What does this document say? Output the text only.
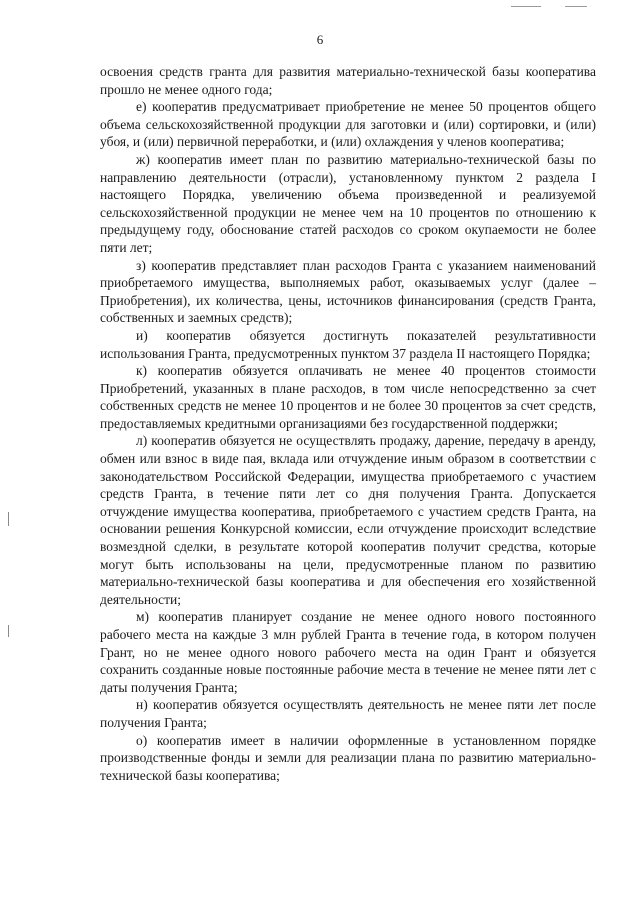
6

освоения средств гранта для развития материально-технической базы кооператива прошло не менее одного года;

е) кооператив предусматривает приобретение не менее 50 процентов общего объема сельскохозяйственной продукции для заготовки и (или) сортировки, и (или) убоя, и (или) первичной переработки, и (или) охлаждения у членов кооператива;

ж) кооператив имеет план по развитию материально-технической базы по направлению деятельности (отрасли), установленному пунктом 2 раздела I настоящего Порядка, увеличению объема произведенной и реализуемой сельскохозяйственной продукции не менее чем на 10 процентов по отношению к предыдущему году, обоснование статей расходов со сроком окупаемости не более пяти лет;

з) кооператив представляет план расходов Гранта с указанием наименований приобретаемого имущества, выполняемых работ, оказываемых услуг (далее – Приобретения), их количества, цены, источников финансирования (средств Гранта, собственных и заемных средств);

и) кооператив обязуется достигнуть показателей результативности использования Гранта, предусмотренных пунктом 37 раздела II настоящего Порядка;

к) кооператив обязуется оплачивать не менее 40 процентов стоимости Приобретений, указанных в плане расходов, в том числе непосредственно за счет собственных средств не менее 10 процентов и не более 30 процентов за счет средств, предоставляемых кредитными организациями без государственной поддержки;

л) кооператив обязуется не осуществлять продажу, дарение, передачу в аренду, обмен или взнос в виде пая, вклада или отчуждение иным образом в соответствии с законодательством Российской Федерации, имущества приобретаемого с участием средств Гранта, в течение пяти лет со дня получения Гранта. Допускается отчуждение имущества кооператива, приобретаемого с участием средств Гранта, на основании решения Конкурсной комиссии, если отчуждение происходит вследствие возмездной сделки, в результате которой кооператив получит средства, которые могут быть использованы на цели, предусмотренные планом по развитию материально-технической базы кооператива и для обеспечения его хозяйственной деятельности;

м) кооператив планирует создание не менее одного нового постоянного рабочего места на каждые 3 млн рублей Гранта в течение года, в котором получен Грант, но не менее одного нового рабочего места на один Грант и обязуется сохранить созданные новые постоянные рабочие места в течение не менее пяти лет с даты получения Гранта;

н) кооператив обязуется осуществлять деятельность не менее пяти лет после получения Гранта;

о) кооператив имеет в наличии оформленные в установленном порядке производственные фонды и земли для реализации плана по развитию материально-технической базы кооператива;
